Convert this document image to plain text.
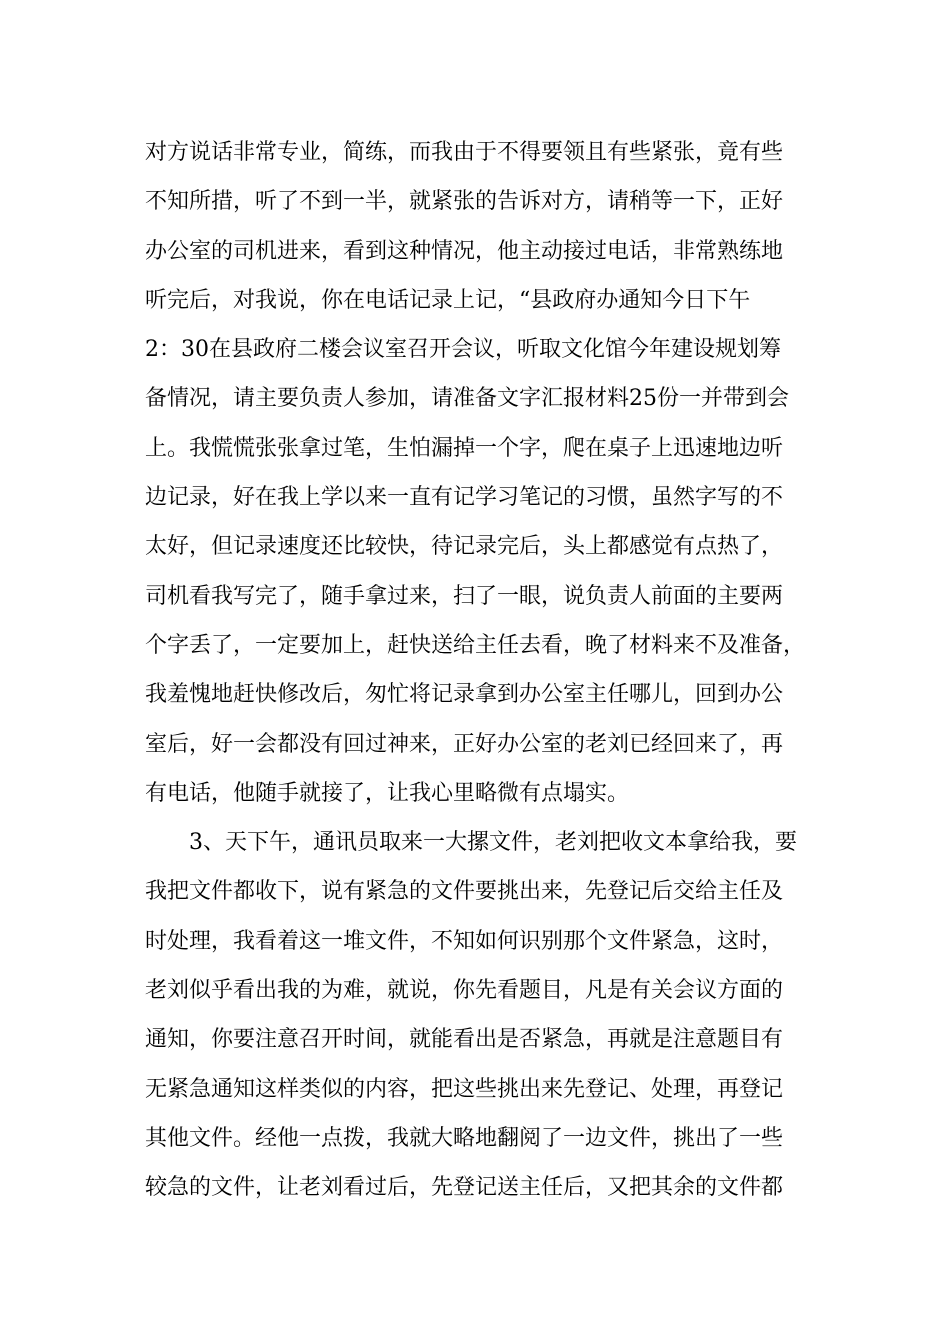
对方说话非常专业，简练，而我由于不得要领且有些紧张，竟有些
不知所措，听了不到一半，就紧张的告诉对方，请稍等一下，正好
办公室的司机进来，看到这种情况，他主动接过电话，非常熟练地
听完后，对我说，你在电话记录上记，“县政府办通知今日下午
2：30在县政府二楼会议室召开会议，听取文化馆今年建设规划筹
备情况，请主要负责人参加，请准备文字汇报材料25份一并带到会
上。我慌慌张张拿过笔，生怕漏掉一个字，爬在桌子上迅速地边听
边记录，好在我上学以来一直有记学习笔记的习惯，虽然字写的不
太好，但记录速度还比较快，待记录完后，头上都感觉有点热了，
司机看我写完了，随手拿过来，扫了一眼，说负责人前面的主要两
个字丢了，一定要加上，赶快送给主任去看，晚了材料来不及准备，
我羞愧地赶快修改后，匆忙将记录拿到办公室主任哪儿，回到办公
室后，好一会都没有回过神来，正好办公室的老刘已经回来了，再
有电话，他随手就接了，让我心里略微有点塌实。
3、天下午，通讯员取来一大摞文件，老刘把收文本拿给我，要
我把文件都收下，说有紧急的文件要挑出来，先登记后交给主任及
时处理，我看着这一堆文件，不知如何识别那个文件紧急，这时，
老刘似乎看出我的为难，就说，你先看题目，凡是有关会议方面的
通知，你要注意召开时间，就能看出是否紧急，再就是注意题目有
无紧急通知这样类似的内容，把这些挑出来先登记、处理，再登记
其他文件。经他一点拨，我就大略地翻阅了一边文件，挑出了一些
较急的文件，让老刘看过后，先登记送主任后，又把其余的文件都
